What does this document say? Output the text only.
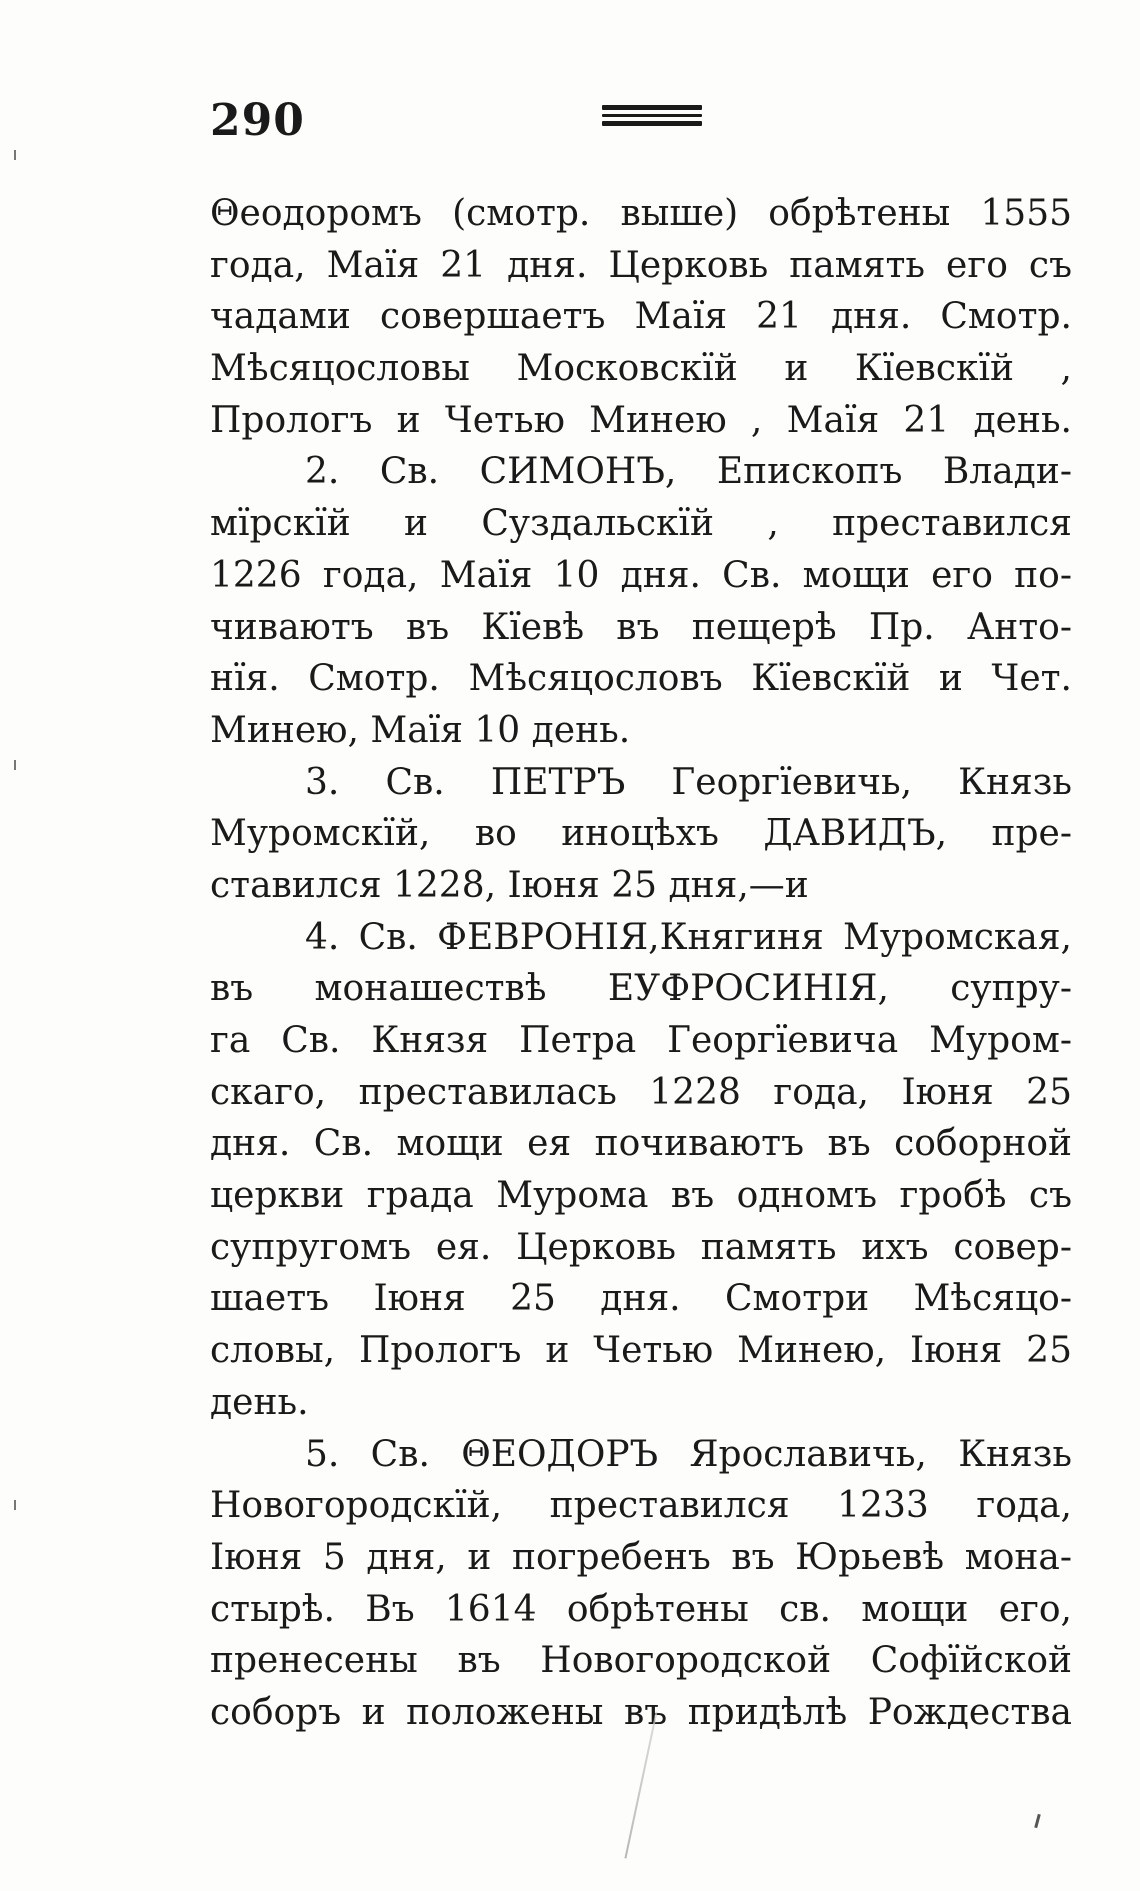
290
Θеодоромъ (смотр. выше) обрѣтены 1555
года, Маїя 21 дня. Церковь память его съ
чадами совершаетъ Маїя 21 дня. Смотр.
Мѣсяцословы Московскїй и Кїевскїй ,
Прологъ и Четью Минею , Маїя 21 день.
2. Св. СИМОНЪ, Епископъ Влади-
мїрскїй и Суздальскїй , преставился
1226 года, Маїя 10 дня. Св. мощи его по-
чиваютъ въ Кїевѣ въ пещерѣ Пр. Анто-
нїя. Смотр. Мѣсяцословъ Кїевскїй и Чет.
Минею, Маїя 10 день.
3. Св. ПЕТРЪ Георгїевичь, Князь
Муромскїй, во иноцѣхъ ДАВИДЪ, пре-
ставился 1228, Іюня 25 дня,—и
4. Св. ФЕВРОНІЯ,Княгиня Муромская,
въ монашествѣ ЕУФРОСИНІЯ, супру-
га Св. Князя Петра Георгїевича Муром-
скаго, преставилась 1228 года, Іюня 25
дня. Св. мощи ея почиваютъ въ соборной
церкви града Мурома въ одномъ гробѣ съ
супругомъ ея. Церковь память ихъ совер-
шаетъ Іюня 25 дня. Смотри Мѣсяцо-
словы, Прологъ и Четью Минею, Іюня 25
день.
5. Св. ΘЕОДОРЪ Ярославичь, Князь
Новогородскїй, преставился 1233 года,
Іюня 5 дня, и погребенъ въ Юрьевѣ мона-
стырѣ. Въ 1614 обрѣтены св. мощи его,
пренесены въ Новогородской Софїйской
соборъ и положены въ придѣлѣ Рождества
